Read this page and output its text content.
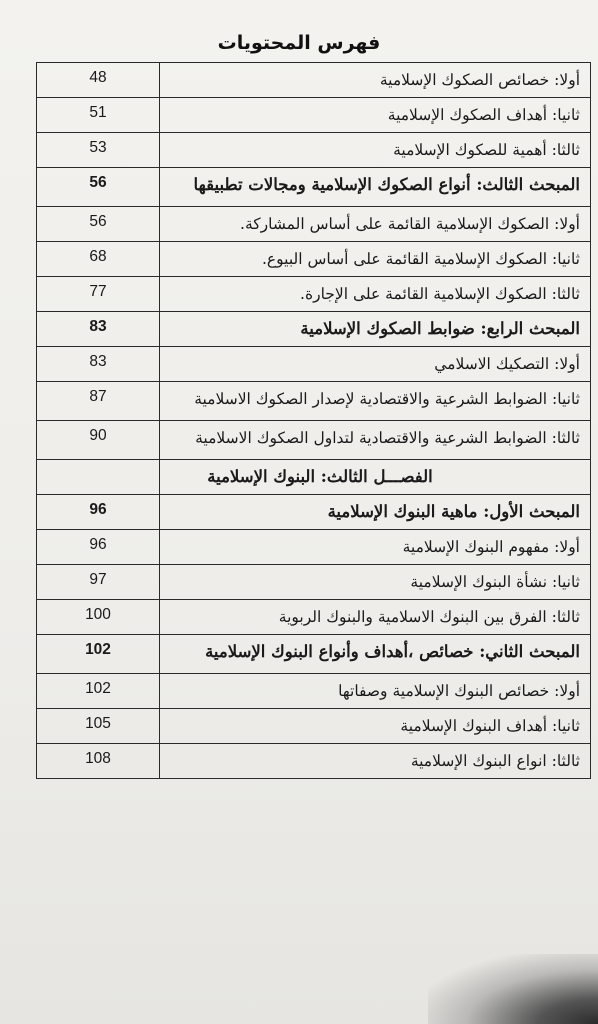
فهرس المحتويات
أولا: خصائص الصكوك الإسلامية	48
ثانيا: أهداف الصكوك الإسلامية	51
ثالثا: أهمية للصكوك الإسلامية	53
المبحث الثالث: أنواع الصكوك الإسلامية ومجالات تطبيقها	56
أولا: الصكوك الإسلامية القائمة على أساس المشاركة.	56
ثانيا: الصكوك الإسلامية القائمة على أساس البيوع.	68
ثالثا: الصكوك الإسلامية القائمة على الإجارة.	77
المبحث الرابع: ضوابط الصكوك الإسلامية	83
أولا: التصكيك الاسلامي	83
ثانيا: الضوابط الشرعية والاقتصادية لإصدار الصكوك الاسلامية	87
ثالثا: الضوابط الشرعية والاقتصادية لتداول الصكوك الاسلامية	90
الفصـــل الثالث: البنوك الإسلامية	
المبحث الأول: ماهية البنوك الإسلامية	96
أولا: مفهوم البنوك الإسلامية	96
ثانيا: نشأة البنوك الإسلامية	97
ثالثا: الفرق بين البنوك الاسلامية والبنوك الربوية	100
المبحث الثاني: خصائص ،أهداف وأنواع البنوك الإسلامية	102
أولا: خصائص البنوك الإسلامية وصفاتها	102
ثانيا: أهداف البنوك الإسلامية	105
ثالثا: انواع البنوك الإسلامية	108
